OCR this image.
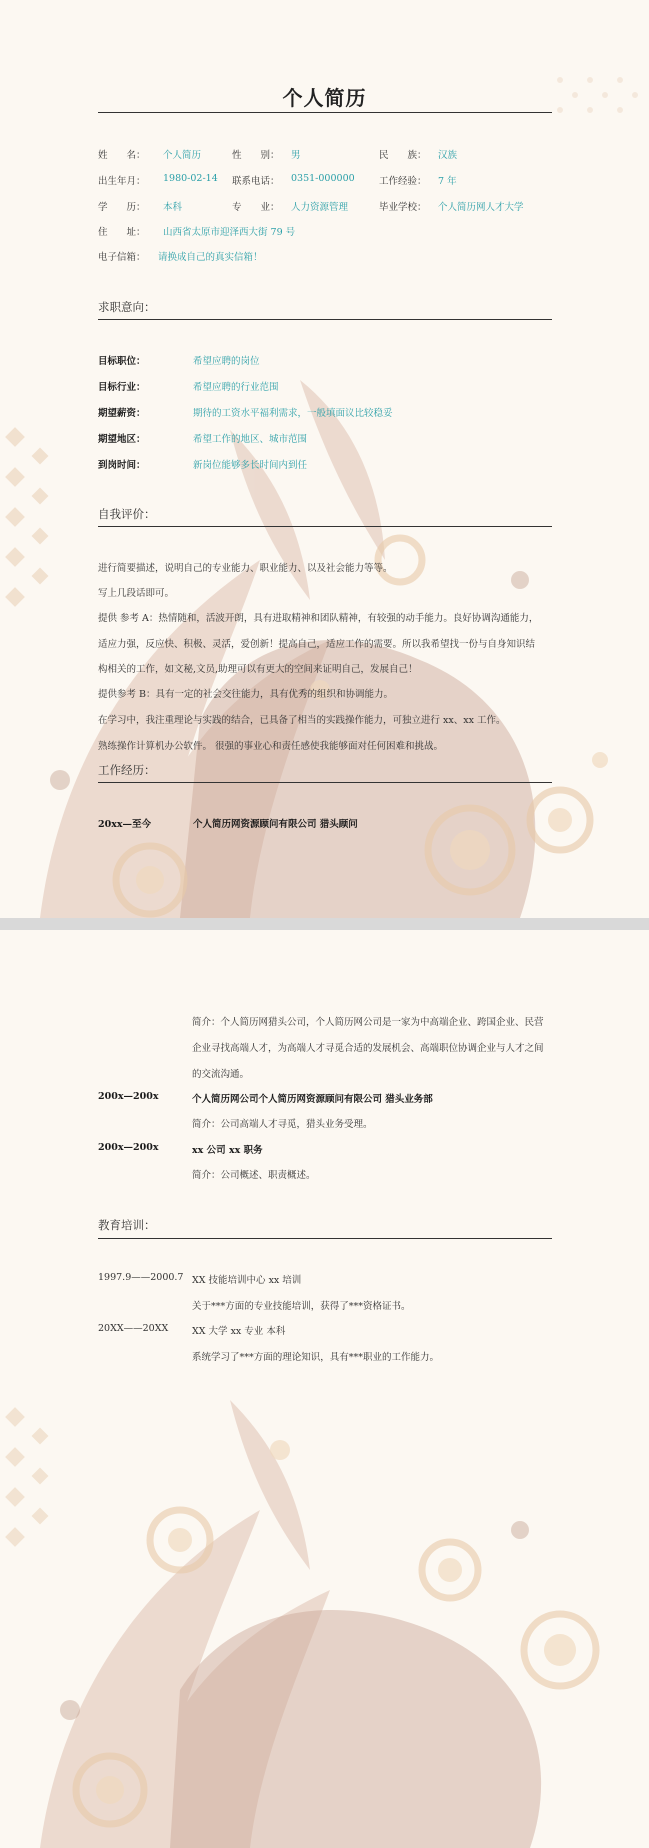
个人简历
姓　　名： 个人简历	性　　别： 男	民　　族： 汉族
出生年月： 1980-02-14 联系电话： 0351-000000	工作经验： 7 年
学　　历： 本科	专　　业： 人力资源管理	毕业学校： 个人简历网人才大学
住　　址： 山西省太原市迎泽西大街 79 号
电子信箱： 请换成自己的真实信箱！
求职意向：
目标职位：	希望应聘的岗位
目标行业：	希望应聘的行业范围
期望薪资：	期待的工资水平福利需求，一般填面议比较稳妥
期望地区：	希望工作的地区、城市范围
到岗时间：	新岗位能够多长时间内到任
自我评价：
进行简要描述，说明自己的专业能力、职业能力、以及社会能力等等。
写上几段话即可。
提供 参考 A：热情随和，活波开朗，具有进取精神和团队精神，有较强的动手能力。良好协调沟通能力，
适应力强，反应快、积极、灵活，爱创新！提高自己，适应工作的需要。所以我希望找一份与自身知识结
构相关的工作，如文秘,文员,助理可以有更大的空间来证明自己，发展自己！
提供参考 B：具有一定的社会交往能力，具有优秀的组织和协调能力。
在学习中，我注重理论与实践的结合，已具备了相当的实践操作能力，可独立进行 xx、xx 工作。
熟练操作计算机办公软件。 很强的事业心和责任感使我能够面对任何困难和挑战。
工作经历：
20xx—至今	个人简历网资源顾问有限公司 猎头顾问
简介：个人简历网猎头公司，个人简历网公司是一家为中高端企业、跨国企业、民营
企业寻找高端人才，为高端人才寻觅合适的发展机会、高端职位协调企业与人才之间
的交流沟通。
200x—200x	个人简历网公司个人简历网资源顾问有限公司 猎头业务部
简介：公司高端人才寻觅，猎头业务受理。
200x—200x	xx 公司 xx 职务
简介：公司概述、职责概述。
教育培训：
1997.9——2000.7 XX 技能培训中心 xx 培训
关于***方面的专业技能培训，获得了***资格证书。
20XX——20XX	XX 大学 xx 专业 本科
系统学习了***方面的理论知识，具有***职业的工作能力。
